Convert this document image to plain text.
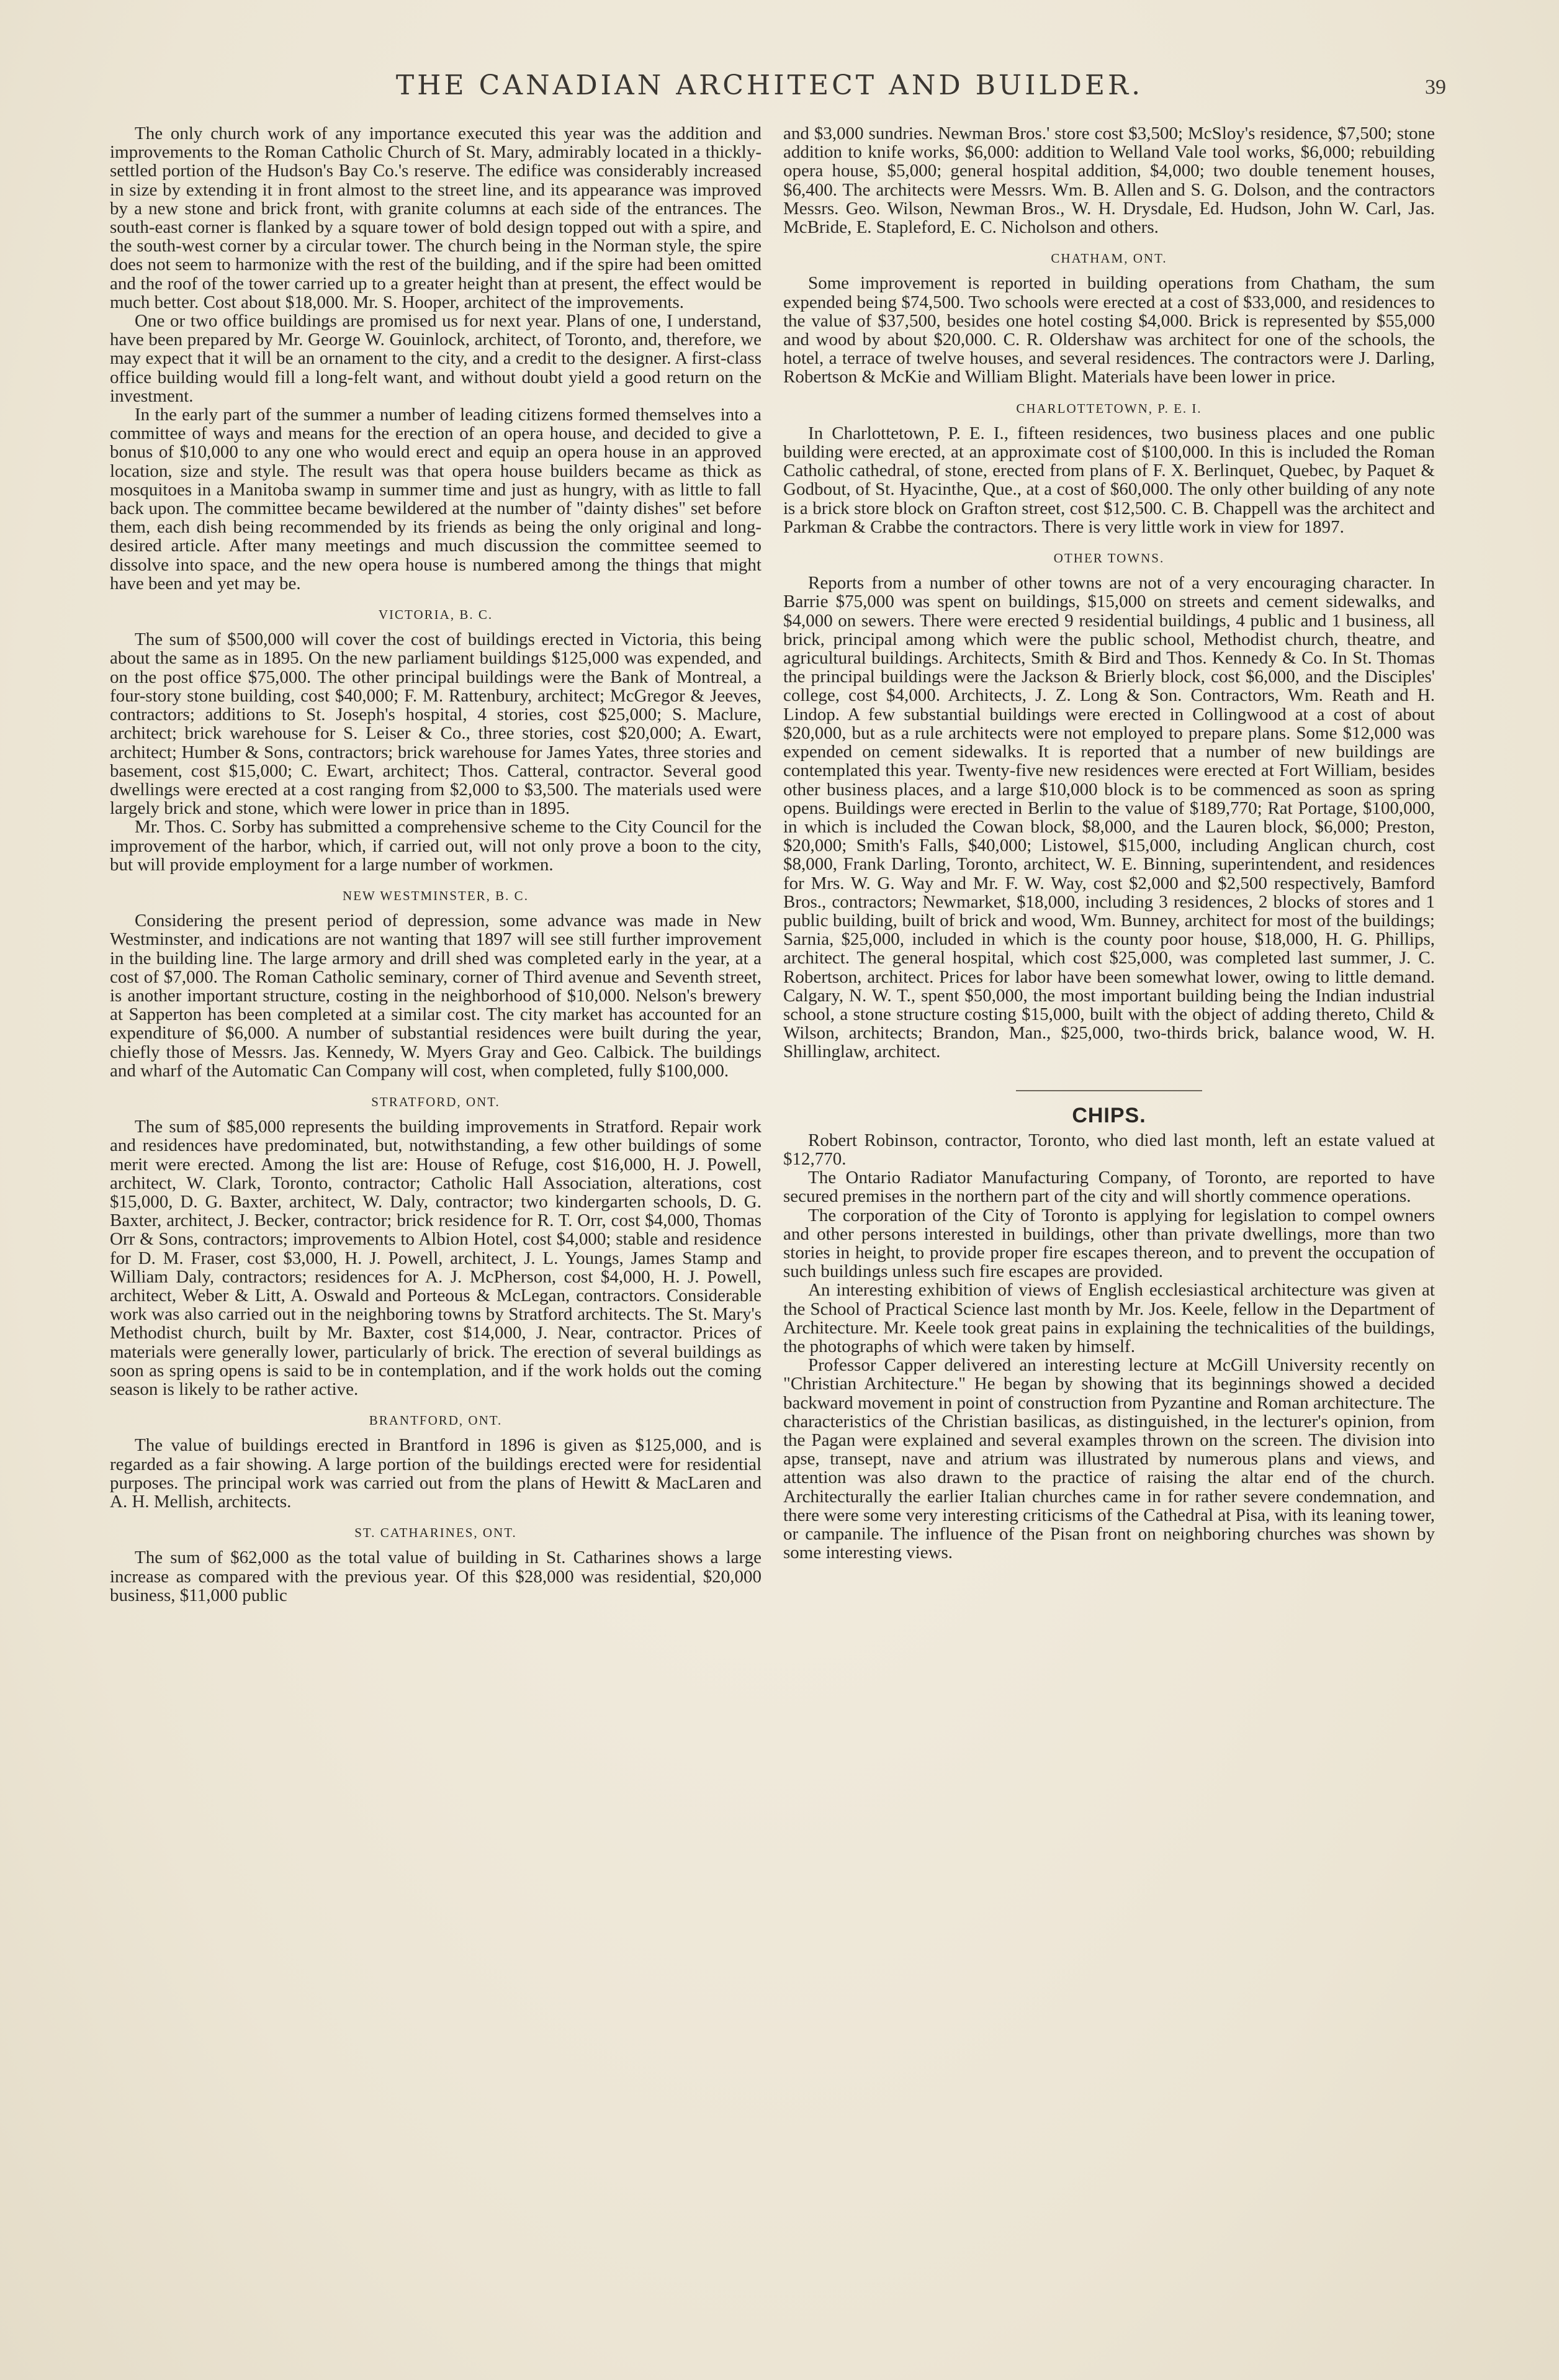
THE CANADIAN ARCHITECT AND BUILDER.	39

The only church work of any importance executed this year was the addition and improvements to the Roman Catholic Church of St. Mary, admirably located in a thickly-settled portion of the Hudson's Bay Co.'s reserve. The edifice was considerably increased in size by extending it in front almost to the street line, and its appearance was improved by a new stone and brick front, with granite columns at each side of the entrances. The south-east corner is flanked by a square tower of bold design topped out with a spire, and the south-west corner by a circular tower. The church being in the Norman style, the spire does not seem to harmonize with the rest of the building, and if the spire had been omitted and the roof of the tower carried up to a greater height than at present, the effect would be much better. Cost about $18,000. Mr. S. Hooper, architect of the improvements.

One or two office buildings are promised us for next year. Plans of one, I understand, have been prepared by Mr. George W. Gouinlock, architect, of Toronto, and, therefore, we may expect that it will be an ornament to the city, and a credit to the designer. A first-class office building would fill a long-felt want, and without doubt yield a good return on the investment.

In the early part of the summer a number of leading citizens formed themselves into a committee of ways and means for the erection of an opera house, and decided to give a bonus of $10,000 to any one who would erect and equip an opera house in an approved location, size and style. The result was that opera house builders became as thick as mosquitoes in a Manitoba swamp in summer time and just as hungry, with as little to fall back upon. The committee became bewildered at the number of "dainty dishes" set before them, each dish being recommended by its friends as being the only original and long-desired article. After many meetings and much discussion the committee seemed to dissolve into space, and the new opera house is numbered among the things that might have been and yet may be.

VICTORIA, B. C.

The sum of $500,000 will cover the cost of buildings erected in Victoria, this being about the same as in 1895. On the new parliament buildings $125,000 was expended, and on the post office $75,000. The other principal buildings were the Bank of Montreal, a four-story stone building, cost $40,000; F. M. Rattenbury, architect; McGregor & Jeeves, contractors; additions to St. Joseph's hospital, 4 stories, cost $25,000; S. Maclure, architect; brick warehouse for S. Leiser & Co., three stories, cost $20,000; A. Ewart, architect; Humber & Sons, contractors; brick warehouse for James Yates, three stories and basement, cost $15,000; C. Ewart, architect; Thos. Catteral, contractor. Several good dwellings were erected at a cost ranging from $2,000 to $3,500. The materials used were largely brick and stone, which were lower in price than in 1895.

Mr. Thos. C. Sorby has submitted a comprehensive scheme to the City Council for the improvement of the harbor, which, if carried out, will not only prove a boon to the city, but will provide employment for a large number of workmen.

NEW WESTMINSTER, B. C.

Considering the present period of depression, some advance was made in New Westminster, and indications are not wanting that 1897 will see still further improvement in the building line. The large armory and drill shed was completed early in the year, at a cost of $7,000. The Roman Catholic seminary, corner of Third avenue and Seventh street, is another important structure, costing in the neighborhood of $10,000. Nelson's brewery at Sapperton has been completed at a similar cost. The city market has accounted for an expenditure of $6,000. A number of substantial residences were built during the year, chiefly those of Messrs. Jas. Kennedy, W. Myers Gray and Geo. Calbick. The buildings and wharf of the Automatic Can Company will cost, when completed, fully $100,000.

STRATFORD, ONT.

The sum of $85,000 represents the building improvements in Stratford. Repair work and residences have predominated, but, notwithstanding, a few other buildings of some merit were erected. Among the list are: House of Refuge, cost $16,000, H. J. Powell, architect, W. Clark, Toronto, contractor; Catholic Hall Association, alterations, cost $15,000, D. G. Baxter, architect, W. Daly, contractor; two kindergarten schools, D. G. Baxter, architect, J. Becker, contractor; brick residence for R. T. Orr, cost $4,000, Thomas Orr & Sons, contractors; improvements to Albion Hotel, cost $4,000; stable and residence for D. M. Fraser, cost $3,000, H. J. Powell, architect, J. L. Youngs, James Stamp and William Daly, contractors; residences for A. J. McPherson, cost $4,000, H. J. Powell, architect, Weber & Litt, A. Oswald and Porteous & McLegan, contractors. Considerable work was also carried out in the neighboring towns by Stratford architects. The St. Mary's Methodist church, built by Mr. Baxter, cost $14,000, J. Near, contractor. Prices of materials were generally lower, particularly of brick. The erection of several buildings as soon as spring opens is said to be in contemplation, and if the work holds out the coming season is likely to be rather active.

BRANTFORD, ONT.

The value of buildings erected in Brantford in 1896 is given as $125,000, and is regarded as a fair showing. A large portion of the buildings erected were for residential purposes. The principal work was carried out from the plans of Hewitt & MacLaren and A. H. Mellish, architects.

ST. CATHARINES, ONT.

The sum of $62,000 as the total value of building in St. Catharines shows a large increase as compared with the previous year. Of this $28,000 was residential, $20,000 business, $11,000 public

and $3,000 sundries. Newman Bros.' store cost $3,500; McSloy's residence, $7,500; stone addition to knife works, $6,000: addition to Welland Vale tool works, $6,000; rebuilding opera house, $5,000; general hospital addition, $4,000; two double tenement houses, $6,400. The architects were Messrs. Wm. B. Allen and S. G. Dolson, and the contractors Messrs. Geo. Wilson, Newman Bros., W. H. Drysdale, Ed. Hudson, John W. Carl, Jas. McBride, E. Stapleford, E. C. Nicholson and others.

CHATHAM, ONT.

Some improvement is reported in building operations from Chatham, the sum expended being $74,500. Two schools were erected at a cost of $33,000, and residences to the value of $37,500, besides one hotel costing $4,000. Brick is represented by $55,000 and wood by about $20,000. C. R. Oldershaw was architect for one of the schools, the hotel, a terrace of twelve houses, and several residences. The contractors were J. Darling, Robertson & McKie and William Blight. Materials have been lower in price.

CHARLOTTETOWN, P. E. I.

In Charlottetown, P. E. I., fifteen residences, two business places and one public building were erected, at an approximate cost of $100,000. In this is included the Roman Catholic cathedral, of stone, erected from plans of F. X. Berlinquet, Quebec, by Paquet & Godbout, of St. Hyacinthe, Que., at a cost of $60,000. The only other building of any note is a brick store block on Grafton street, cost $12,500. C. B. Chappell was the architect and Parkman & Crabbe the contractors. There is very little work in view for 1897.

OTHER TOWNS.

Reports from a number of other towns are not of a very encouraging character. In Barrie $75,000 was spent on buildings, $15,000 on streets and cement sidewalks, and $4,000 on sewers. There were erected 9 residential buildings, 4 public and 1 business, all brick, principal among which were the public school, Methodist church, theatre, and agricultural buildings. Architects, Smith & Bird and Thos. Kennedy & Co. In St. Thomas the principal buildings were the Jackson & Brierly block, cost $6,000, and the Disciples' college, cost $4,000. Architects, J. Z. Long & Son. Contractors, Wm. Reath and H. Lindop. A few substantial buildings were erected in Collingwood at a cost of about $20,000, but as a rule architects were not employed to prepare plans. Some $12,000 was expended on cement sidewalks. It is reported that a number of new buildings are contemplated this year. Twenty-five new residences were erected at Fort William, besides other business places, and a large $10,000 block is to be commenced as soon as spring opens. Buildings were erected in Berlin to the value of $189,770; Rat Portage, $100,000, in which is included the Cowan block, $8,000, and the Lauren block, $6,000; Preston, $20,000; Smith's Falls, $40,000; Listowel, $15,000, including Anglican church, cost $8,000, Frank Darling, Toronto, architect, W. E. Binning, superintendent, and residences for Mrs. W. G. Way and Mr. F. W. Way, cost $2,000 and $2,500 respectively, Bamford Bros., contractors; Newmarket, $18,000, including 3 residences, 2 blocks of stores and 1 public building, built of brick and wood, Wm. Bunney, architect for most of the buildings; Sarnia, $25,000, included in which is the county poor house, $18,000, H. G. Phillips, architect. The general hospital, which cost $25,000, was completed last summer, J. C. Robertson, architect. Prices for labor have been somewhat lower, owing to little demand. Calgary, N. W. T., spent $50,000, the most important building being the Indian industrial school, a stone structure costing $15,000, built with the object of adding thereto, Child & Wilson, architects; Brandon, Man., $25,000, two-thirds brick, balance wood, W. H. Shillinglaw, architect.

CHIPS.

Robert Robinson, contractor, Toronto, who died last month, left an estate valued at $12,770.

The Ontario Radiator Manufacturing Company, of Toronto, are reported to have secured premises in the northern part of the city and will shortly commence operations.

The corporation of the City of Toronto is applying for legislation to compel owners and other persons interested in buildings, other than private dwellings, more than two stories in height, to provide proper fire escapes thereon, and to prevent the occupation of such buildings unless such fire escapes are provided.

An interesting exhibition of views of English ecclesiastical architecture was given at the School of Practical Science last month by Mr. Jos. Keele, fellow in the Department of Architecture. Mr. Keele took great pains in explaining the technicalities of the buildings, the photographs of which were taken by himself.

Professor Capper delivered an interesting lecture at McGill University recently on "Christian Architecture." He began by showing that its beginnings showed a decided backward movement in point of construction from Pyzantine and Roman architecture. The characteristics of the Christian basilicas, as distinguished, in the lecturer's opinion, from the Pagan were explained and several examples thrown on the screen. The division into apse, transept, nave and atrium was illustrated by numerous plans and views, and attention was also drawn to the practice of raising the altar end of the church. Architecturally the earlier Italian churches came in for rather severe condemnation, and there were some very interesting criticisms of the Cathedral at Pisa, with its leaning tower, or campanile. The influence of the Pisan front on neighboring churches was shown by some interesting views.
